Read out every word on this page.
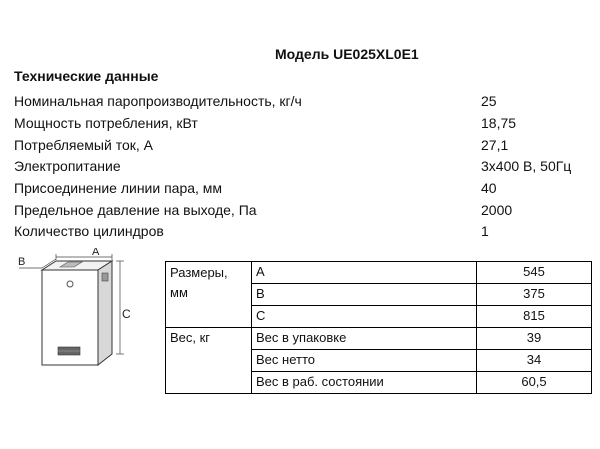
Модель UE025XL0E1
Технические данные
Номинальная паропроизводительность, кг/ч	25
Мощность потребления, кВт	18,75
Потребляемый ток, А	27,1
Электропитание	3х400 В, 50Гц
Присоединение линии пара, мм	40
Предельное давление на выходе, Па	2000
Количество цилиндров	1
A
B
C
Размеры,
мм	A	545
	B	375
	C	815

Вес, кг	Вес в упаковке	39
	Вес нетто	34
	Вес в раб. состоянии	60,5
